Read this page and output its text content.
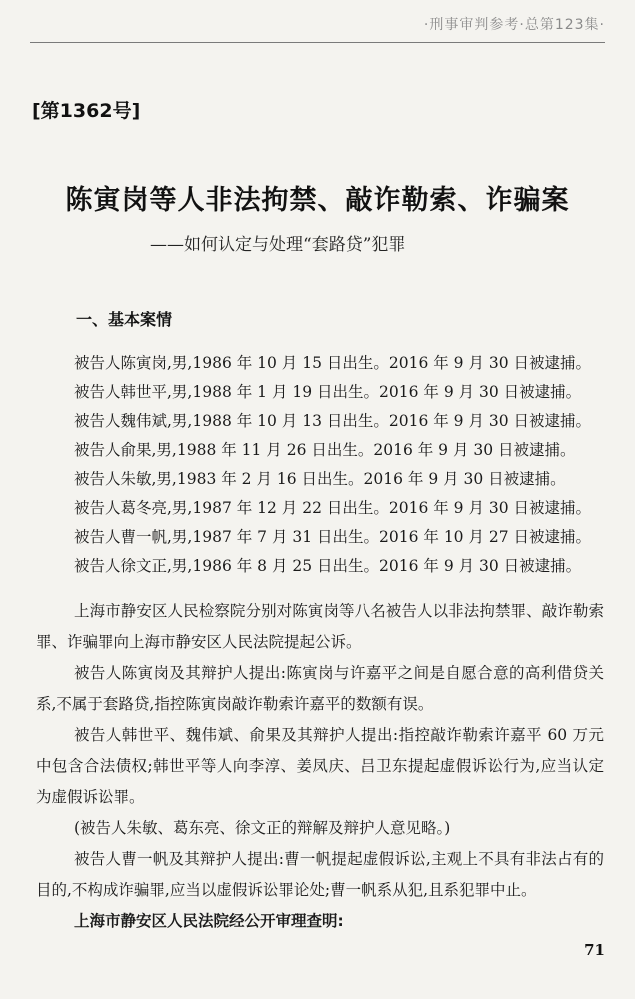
·刑事审判参考·总第123集·
[第1362号]
陈寅岗等人非法拘禁、敲诈勒索、诈骗案
——如何认定与处理“套路贷”犯罪
一、基本案情
被告人陈寅岗,男,1986 年 10 月 15 日出生。2016 年 9 月 30 日被逮捕。
被告人韩世平,男,1988 年 1 月 19 日出生。2016 年 9 月 30 日被逮捕。
被告人魏伟斌,男,1988 年 10 月 13 日出生。2016 年 9 月 30 日被逮捕。
被告人俞果,男,1988 年 11 月 26 日出生。2016 年 9 月 30 日被逮捕。
被告人朱敏,男,1983 年 2 月 16 日出生。2016 年 9 月 30 日被逮捕。
被告人葛冬亮,男,1987 年 12 月 22 日出生。2016 年 9 月 30 日被逮捕。
被告人曹一帆,男,1987 年 7 月 31 日出生。2016 年 10 月 27 日被逮捕。
被告人徐文正,男,1986 年 8 月 25 日出生。2016 年 9 月 30 日被逮捕。

上海市静安区人民检察院分别对陈寅岗等八名被告人以非法拘禁罪、敲诈勒索罪、诈骗罪向上海市静安区人民法院提起公诉。

被告人陈寅岗及其辩护人提出:陈寅岗与许嘉平之间是自愿合意的高利借贷关系,不属于套路贷,指控陈寅岗敲诈勒索许嘉平的数额有误。

被告人韩世平、魏伟斌、俞果及其辩护人提出:指控敲诈勒索许嘉平 60 万元中包含合法债权;韩世平等人向李淳、姜凤庆、吕卫东提起虚假诉讼行为,应当认定为虚假诉讼罪。

(被告人朱敏、葛东亮、徐文正的辩解及辩护人意见略。)

被告人曹一帆及其辩护人提出:曹一帆提起虚假诉讼,主观上不具有非法占有的目的,不构成诈骗罪,应当以虚假诉讼罪论处;曹一帆系从犯,且系犯罪中止。

上海市静安区人民法院经公开审理查明:

71
